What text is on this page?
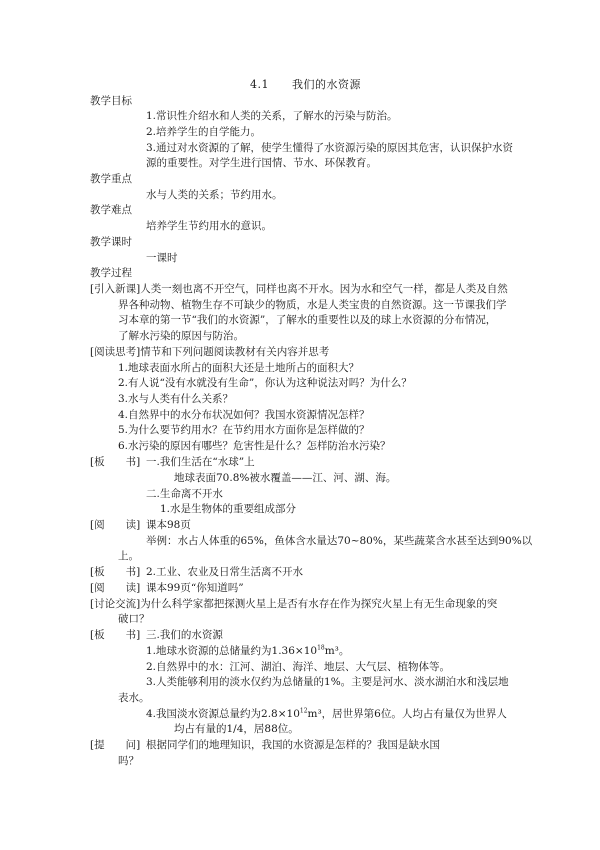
4.1　　我们的水资源
教学目标
1.常识性介绍水和人类的关系，了解水的污染与防治。
2.培养学生的自学能力。
3.通过对水资源的了解，使学生懂得了水资源污染的原因其危害，认识保护水资
源的重要性。对学生进行国情、节水、环保教育。
教学重点
水与人类的关系；节约用水。
教学难点
培养学生节约用水的意识。
教学课时
一课时
教学过程
[引入新课]人类一刻也离不开空气，同样也离不开水。因为水和空气一样，都是人类及自然
界各种动物、植物生存不可缺少的物质，水是人类宝贵的自然资源。这一节课我们学
习本章的第一节“我们的水资源”，了解水的重要性以及的球上水资源的分布情况，
了解水污染的原因与防治。
[阅读思考]情节和下列问题阅读教材有关内容并思考
1.地球表面水所占的面积大还是土地所占的面积大？
2.有人说“没有水就没有生命”，你认为这种说法对吗？为什么？
3.水与人类有什么关系？
4.自然界中的水分布状况如何？我国水资源情况怎样？
5.为什么要节约用水？在节约用水方面你是怎样做的？
6.水污染的原因有哪些？危害性是什么？怎样防治水污染？
[板　　书] 一.我们生活在“水球”上
地球表面70.8%被水覆盖——江、河、湖、海。
二.生命离不开水
1.水是生物体的重要组成部分
[阅　　读] 课本98页
举例：水占人体重的65%，鱼体含水量达70~80%，某些蔬菜含水甚至达到90%以
上。
[板　　书] 2.工业、农业及日常生活离不开水
[阅　　读] 课本99页“你知道吗”
[讨论交流]为什么科学家都把探测火星上是否有水存在作为探究火星上有无生命现象的突
破口？
[板　　书] 三.我们的水资源
1.地球水资源的总储量约为$1.36\times 10^{18}m^3$。
2.自然界中的水：江河、湖泊、海洋、地层、大气层、植物体等。
3.人类能够利用的淡水仅约为总储量的1%。主要是河水、淡水湖泊水和浅层地
表水。
4.我国淡水资源总量约为$2.8\times 10^{12}m^3$，居世界第6位。人均占有量仅为世界人
均占有量的1/4，居88位。
[提　　问] 根据同学们的地理知识，我国的水资源是怎样的？我国是缺水国
吗？
